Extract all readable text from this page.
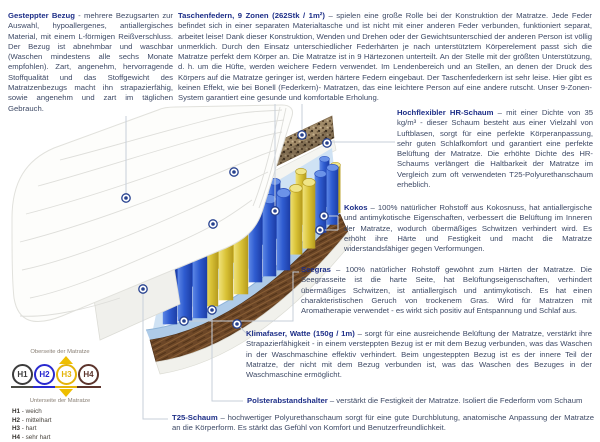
Gesteppter Bezug - mehrere Bezugsarten zur Auswahl, hypoallergenes, antiallergisches Material, mit einem L-förmigen Reißverschluss. Der Bezug ist abnehmbar und waschbar (Waschen mindestens alle sechs Monate empfohlen). Zart, angenehm, hervorragende Stoffqualität und das Stoffgewicht des Matratzenbezugs macht ihn strapazierfähig, sowie angenehm und zart im täglichen Gebrauch.
Taschenfedern, 9 Zonen (262Stk / 1m²) – spielen eine große Rolle bei der Konstruktion der Matratze. Jede Feder befindet sich in einer separaten Materialtasche und ist nicht mit einer anderen Feder verbunden, funktioniert separat, arbeitet leise! Dank dieser Konstruktion, Wenden und Drehen oder der Gewichtsunterschied der anderen Person ist völlig unmerklich. Durch den Einsatz unterschiedlicher Federhärten je nach unterstütztem Körperelement passt sich die Matratze perfekt dem Körper an. Die Matratze ist in 9 Härtezonen unterteilt. An der Stelle mit der größten Unterstützung, d. h. um die Hüfte, werden weichere Federn verwendet. Im Lendenbereich und an Stellen, an denen der Druck des Körpers auf die Matratze geringer ist, werden härtere Federn eingebaut. Der Taschenfederkern ist sehr leise. Hier gibt es keinen Effekt, wie bei Bonell (Federkern)- Matratzen, das eine leichtere Person auf eine andere rutscht. Unser 9-Zonen-System garantiert eine gesunde und komfortable Erholung.
Hochflexibler HR-Schaum – mit einer Dichte von 35 kg/m³ - dieser Schaum besteht aus einer Vielzahl von Luftblasen, sorgt für eine perfekte Körperanpassung, sehr guten Schlafkomfort und garantiert eine perfekte Belüftung der Matratze. Die erhöhte Dichte des HR-Schaums verlängert die Haltbarkeit der Matratze im Vergleich zum oft verwendeten T25-Polyurethanschaum erheblich.
Kokos – 100% natürlicher Rohstoff aus Kokosnuss, hat antiallergische und antimykotische Eigenschaften, verbessert die Belüftung im Inneren der Matratze, wodurch übermäßiges Schwitzen verhindert wird. Es erhöht ihre Härte und Festigkeit und macht die Matratze widerstandsfähiger gegen Verformungen.
Seegras – 100% natürlicher Rohstoff gewöhnt zum Härten der Matratze. Die Seegrasseite ist die harte Seite, hat Belüftungseigenschaften, verhindert übermäßiges Schwitzen, ist antiallergisch und antimykotisch. Es hat einen charakteristischen Geruch von trockenem Gras. Wird für Matratzen mit Aromatherapie verwendet - es wirkt sich positiv auf Entspannung und Schlaf aus.
Klimafaser, Watte (150g / 1m) – sorgt für eine ausreichende Belüftung der Matratze, verstärkt ihre Strapazierfähigkeit - in einem versteppten Bezug ist er mit dem Bezug verbunden, was das Waschen in der Waschmaschine effektiv verhindert. Beim ungesteppten Bezug ist es der innere Teil der Matratze, der nicht mit dem Bezug verbunden ist, was das Waschen des Bezuges in der Waschmaschine ermöglicht.
Polsterabstandshalter – verstärkt die Festigkeit der Matratze. Isoliert die Federform vom Schaum
T25-Schaum – hochwertiger Polyurethanschaum sorgt für eine gute Durchblutung, anatomische Anpassung der Matratze an die Körperform. Es stärkt das Gefühl von Komfort und Benutzerfreundlichkeit.
Oberseite der Matratze
H1	H2	H3	H4
Unterseite der Matratze
H1 - weich
H2 - mittelhart
H3 - hart
H4 - sehr hart
